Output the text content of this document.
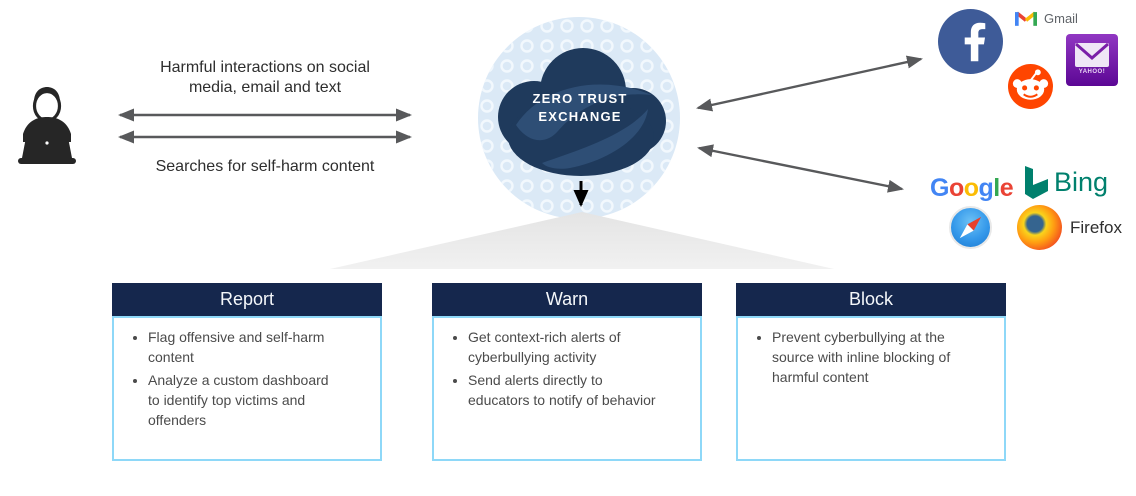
Harmful interactions on social
media, email and text
Searches for self-harm content
ZERO TRUST
EXCHANGE
Gmail
YAHOO!
Google Bing
Firefox
Report
• Flag offensive and self-harm content
• Analyze a custom dashboard to identify top victims and offenders
Warn
• Get context-rich alerts of cyberbullying activity
• Send alerts directly to educators to notify of behavior
Block
• Prevent cyberbullying at the source with inline blocking of harmful content
